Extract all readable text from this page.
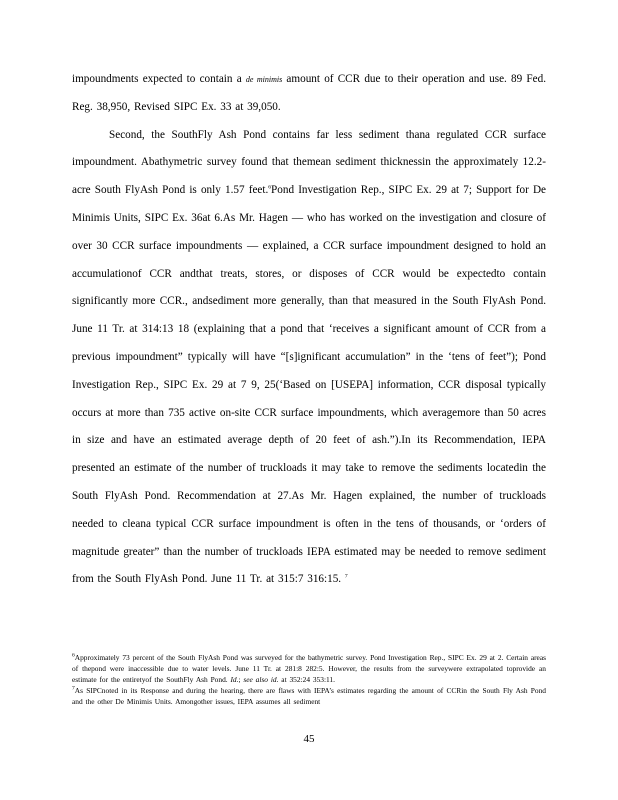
impoundments expected to contain a de minimis amount of CCR due to their operation and use. 89 Fed. Reg. 38,950, Revised SIPC Ex. 33 at 39,050.

Second, the SouthFly Ash Pond contains far less sediment thana regulated CCR surface impoundment. Abathymetric survey found that themean sediment thicknessin the approximately 12.2- acre South FlyAsh Pond is only 1.57 feet.$^6$Pond Investigation Rep., SIPC Ex. 29 at 7; Support for De Minimis Units, SIPC Ex. 36at 6.As Mr. Hagen — who has worked on the investigation and closure of over 30 CCR surface impoundments — explained, a CCR surface impoundment designed to hold an accumulationof CCR andthat treats, stores, or disposes of CCR would be expectedto contain significantly more CCR., andsediment more generally, than that measured in the South FlyAsh Pond. June 11 Tr. at 314:13 18 (explaining that a pond that ‘receives a significant amount of CCR from a previous impoundment” typically will have “[s]ignificant accumulation” in the ‘tens of feet”); Pond Investigation Rep., SIPC Ex. 29 at 7 9, 25(‘Based on [USEPA] information, CCR disposal typically occurs at more than 735 active on-site CCR surface impoundments, which averagemore than 50 acres in size and have an estimated average depth of 20 feet of ash.”).In its Recommendation, IEPA presented an estimate of the number of truckloads it may take to remove the sediments locatedin the South FlyAsh Pond. Recommendation at 27.As Mr. Hagen explained, the number of truckloads needed to cleana typical CCR surface impoundment is often in the tens of thousands, or ‘orders of magnitude greater” than the number of truckloads IEPA estimated may be needed to remove sediment from the South FlyAsh Pond. June 11 Tr. at 315:7 316:15. $^7$

$^6$Approximately 73 percent of the South FlyAsh Pond was surveyed for the bathymetric survey. Pond Investigation Rep., SIPC Ex. 29 at 2. Certain areas of thepond were inaccessible due to water levels. June 11 Tr. at 281:8 282:5. However, the results from the surveywere extrapolated toprovide an estimate for the entiretyof the SouthFly Ash Pond. Id.; see also id. at 352:24 353:11.

$^7$As SIPCnoted in its Response and during the hearing, there are flaws with IEPA’s estimates regarding the amount of CCRin the South Fly Ash Pond and the other De Minimis Units. Amongother issues, IEPA assumes all sediment

45
